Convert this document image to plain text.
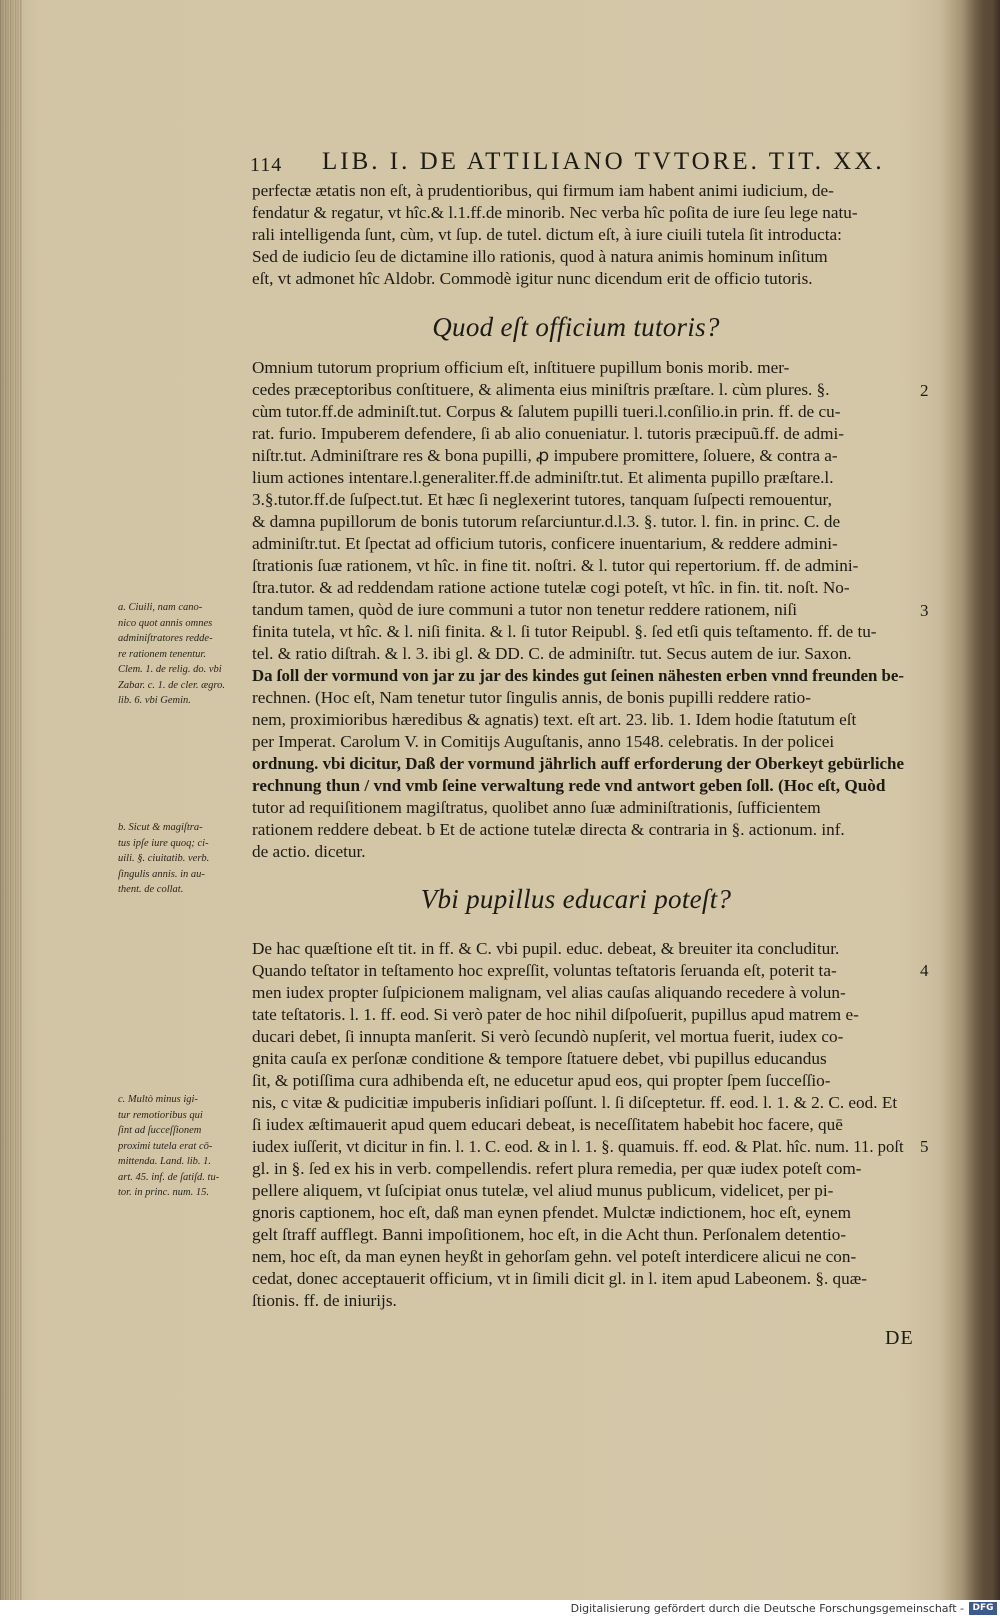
114 LIB. I. DE ATTILIANO TVTORE. TIT. XX.
perfectæ ætatis non eſt, à prudentioribus, qui firmum iam habent animi iudicium, de-
fendatur & regatur, vt hîc.& l.1.ff.de minorib. Nec verba hîc poſita de iure ſeu lege natu-
rali intelligenda ſunt, cùm, vt ſup. de tutel. dictum eſt, à iure ciuili tutela ſit introducta:
Sed de iudicio ſeu de dictamine illo rationis, quod à natura animis hominum inſitum
eſt, vt admonet hîc Aldobr. Commodè igitur nunc dicendum erit de officio tutoris.
Quod eſt officium tutoris?
Omnium tutorum proprium officium eſt, inſtituere pupillum bonis morib. mer-
cedes præceptoribus conſtituere, & alimenta eius miniſtris præſtare. l. cùm plures. §.
cùm tutor.ff.de adminiſt.tut. Corpus & ſalutem pupilli tueri.l.conſilio.in prin. ff. de cu-
rat. furio. Impuberem defendere, ſi ab alio conueniatur. l. tutoris præcipuũ.ff. de admi-
niſtr.tut. Adminiſtrare res & bona pupilli, ꝓ impubere promittere, ſoluere, & contra a-
lium actiones intentare.l.generaliter.ff.de adminiſtr.tut. Et alimenta pupillo præſtare.l.
3.§.tutor.ff.de ſuſpect.tut. Et hæc ſi neglexerint tutores, tanquam ſuſpecti remouentur,
& damna pupillorum de bonis tutorum reſarciuntur.d.l.3. §. tutor. l. fin. in princ. C. de
adminiſtr.tut. Et ſpectat ad officium tutoris, conficere inuentarium, & reddere admini-
ſtrationis ſuæ rationem, vt hîc. in fine tit. noſtri. & l. tutor qui repertorium. ff. de admini-
ſtra.tutor. & ad reddendam ratione actione tutelæ cogi poteſt, vt hîc. in fin. tit. noſt. No-
tandum tamen, quòd de iure communi a tutor non tenetur reddere rationem, niſi
finita tutela, vt hîc. & l. niſi finita. & l. ſi tutor Reipubl. §. ſed etſi quis teſtamento. ff. de tu-
tel. & ratio diſtrah. & l. 3. ibi gl. & DD. C. de adminiſtr. tut. Secus autem de iur. Saxon.
Da ſoll der vormund von jar zu jar des kindes gut ſeinen nähesten erben vnnd freunden be-
rechnen. (Hoc eſt, Nam tenetur tutor ſingulis annis, de bonis pupilli reddere ratio-
nem, proximioribus hæredibus & agnatis) text. eſt art. 23. lib. 1. Idem hodie ſtatutum eſt
per Imperat. Carolum V. in Comitijs Auguſtanis, anno 1548. celebratis. In der policei
ordnung. vbi dicitur, Daß der vormund jährlich auff erforderung der Oberkeyt gebürliche
rechnung thun / vnd vmb ſeine verwaltung rede vnd antwort geben ſoll. (Hoc eſt, Quòd
tutor ad requiſitionem magiſtratus, quolibet anno ſuæ adminiſtrationis, ſufficientem
rationem reddere debeat. b Et de actione tutelæ directa & contraria in §. actionum. inf.
de actio. dicetur.
Vbi pupillus educari poteſt?
De hac quæſtione eſt tit. in ff. & C. vbi pupil. educ. debeat, & breuiter ita concluditur.
Quando teſtator in teſtamento hoc expreſſit, voluntas teſtatoris ſeruanda eſt, poterit ta-
men iudex propter ſuſpicionem malignam, vel alias cauſas aliquando recedere à volun-
tate teſtatoris. l. 1. ff. eod. Si verò pater de hoc nihil diſpoſuerit, pupillus apud matrem e-
ducari debet, ſi innupta manſerit. Si verò ſecundò nupſerit, vel mortua fuerit, iudex co-
gnita cauſa ex perſonæ conditione & tempore ſtatuere debet, vbi pupillus educandus
ſit, & potiſſima cura adhibenda eſt, ne educetur apud eos, qui propter ſpem ſucceſſio-
nis, c vitæ & pudicitiæ impuberis inſidiari poſſunt. l. ſi diſceptetur. ff. eod. l. 1. & 2. C. eod. Et
ſi iudex æſtimauerit apud quem educari debeat, is neceſſitatem habebit hoc facere, quē
iudex iuſſerit, vt dicitur in fin. l. 1. C. eod. & in l. 1. §. quamuis. ff. eod. & Plat. hîc. num. 11. poſt
gl. in §. ſed ex his in verb. compellendis. refert plura remedia, per quæ iudex poteſt com-
pellere aliquem, vt ſuſcipiat onus tutelæ, vel aliud munus publicum, videlicet, per pi-
gnoris captionem, hoc eſt, daß man eynen pfendet. Mulctæ indictionem, hoc eſt, eynem
gelt ſtraff aufflegt. Banni impoſitionem, hoc eſt, in die Acht thun. Perſonalem detentio-
nem, hoc eſt, da man eynen heyßt in gehorſam gehn. vel poteſt interdicere alicui ne con-
cedat, donec acceptauerit officium, vt in ſimili dicit gl. in l. item apud Labeonem. §. quæ-
ſtionis. ff. de iniurijs.
a. Ciuili, nam cano-
nico quot annis omnes
adminiſtratores redde-
re rationem tenentur.
Clem. 1. de relig. do. vbi
Zabar. c. 1. de cler. ægro.
lib. 6. vbi Gemin.
b. Sicut & magiſtra-
tus ipſe iure quoq; ci-
uili. §. ciuitatib. verb.
ſingulis annis. in au-
thent. de collat.
c. Multò minus igi-
tur remotioribus qui
ſint ad ſucceſſionem
proximi tutela erat cō-
mittenda. Land. lib. 1.
art. 45. inf. de ſatiſd. tu-
tor. in princ. num. 15.
2
3
4
5
DE
Digitalisierung gefördert durch die Deutsche Forschungsgemeinschaft - DFG
